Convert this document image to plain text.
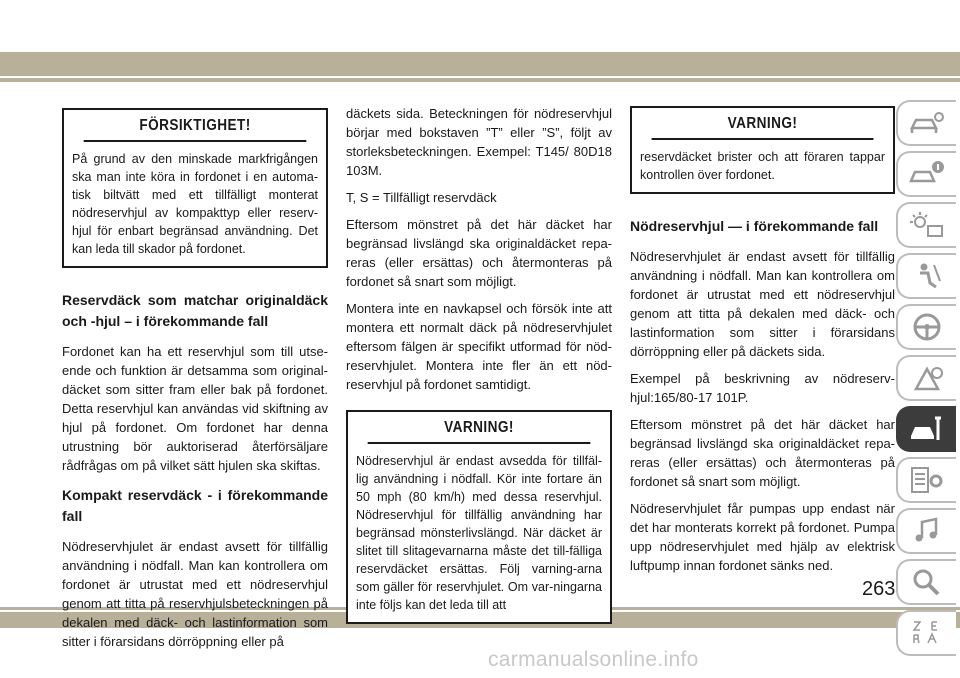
FÖRSIKTIGHET!
På grund av den minskade markfrigången ska man inte köra in fordonet i en automa-tisk biltvätt med ett tillfälligt monterat nödreservhjul av kompakttyp eller reserv-hjul för enbart begränsad användning. Det kan leda till skador på fordonet.
Reservdäck som matchar originaldäck och -hjul – i förekommande fall

Fordonet kan ha ett reservhjul som till utse-ende och funktion är detsamma som original-däcket som sitter fram eller bak på fordonet. Detta reservhjul kan användas vid skiftning av hjul på fordonet. Om fordonet har denna utrustning bör auktoriserad återförsäljare rådfrågas om på vilket sätt hjulen ska skiftas.

Kompakt reservdäck - i förekommande fall

Nödreservhjulet är endast avsett för tillfällig användning i nödfall. Man kan kontrollera om fordonet är utrustat med ett nödreservhjul genom att titta på reservhjulsbeteckningen på dekalen med däck- och lastinformation som sitter i förarsidans dörröppning eller på

däckets sida. Beteckningen för nödreservhjul börjar med bokstaven ”T” eller ”S”, följt av storleksbeteckningen. Exempel: T145/ 80D18 103M.

T, S = Tillfälligt reservdäck

Eftersom mönstret på det här däcket har begränsad livslängd ska originaldäcket repa-reras (eller ersättas) och återmonteras på fordonet så snart som möjligt.

Montera inte en navkapsel och försök inte att montera ett normalt däck på nödreservhjulet eftersom fälgen är specifikt utformad för nöd-reservhjulet. Montera inte fler än ett nöd-reservhjul på fordonet samtidigt.

VARNING!
Nödreservhjul är endast avsedda för tillfäl-lig användning i nödfall. Kör inte fortare än 50 mph (80 km/h) med dessa reservhjul. Nödreservhjul för tillfällig användning har begränsad mönsterlivslängd. När däcket är slitet till slitagevarnarna måste det till-fälliga reservdäcket ersättas. Följ varning-arna som gäller för reservhjulet. Om var-ningarna inte följs kan det leda till att
VARNING!
reservdäcket brister och att föraren tappar kontrollen över fordonet.
Nödreservhjul — i förekommande fall

Nödreservhjulet är endast avsett för tillfällig användning i nödfall. Man kan kontrollera om fordonet är utrustat med ett nödreservhjul genom att titta på dekalen med däck- och lastinformation som sitter i förarsidans dörröppning eller på däckets sida.

Exempel på beskrivning av nödreserv-hjul:165/80-17 101P.

Eftersom mönstret på det här däcket har begränsad livslängd ska originaldäcket repa-reras (eller ersättas) och återmonteras på fordonet så snart som möjligt.

Nödreservhjulet får pumpas upp endast när det har monterats korrekt på fordonet. Pumpa upp nödreservhjulet med hjälp av elektrisk luftpump innan fordonet sänks ned.

263
carmanualsonline.info
